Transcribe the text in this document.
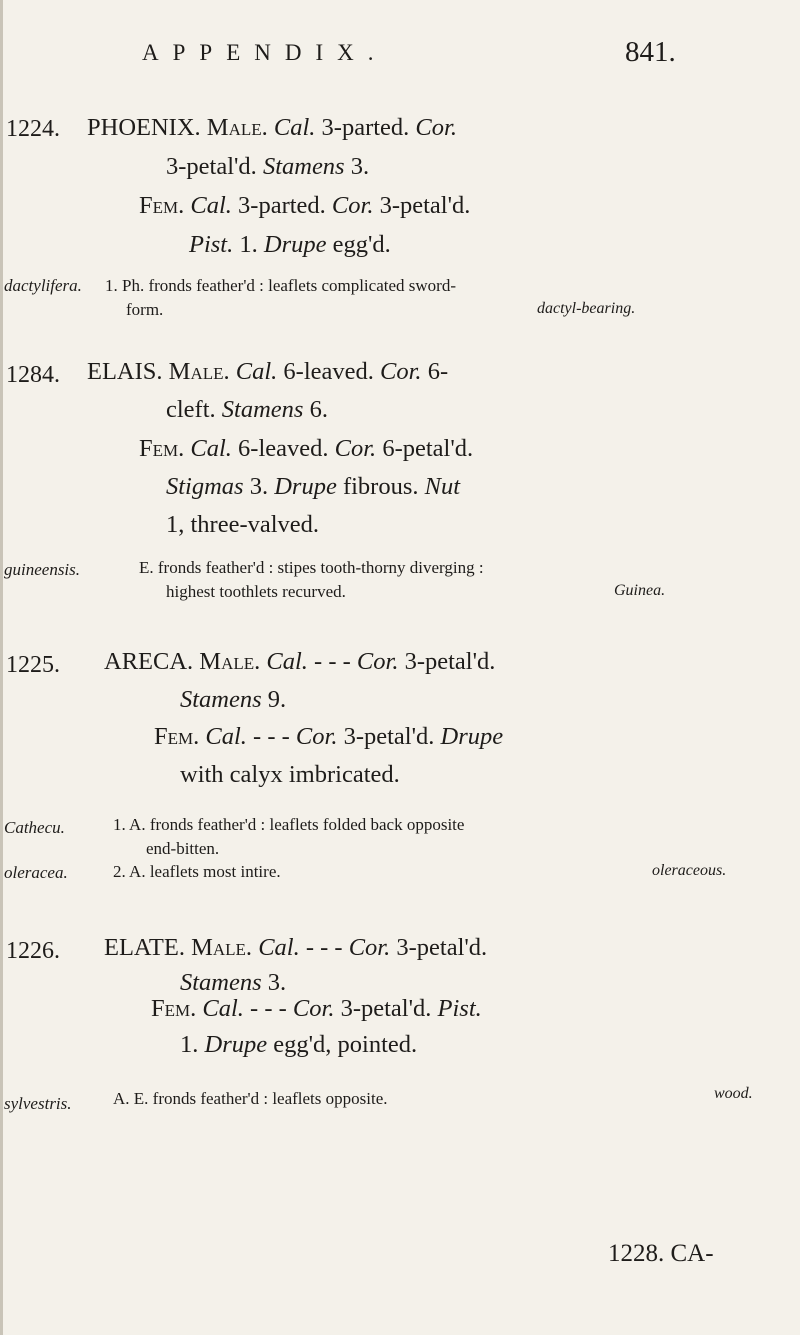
APPENDIX.	841.
1224. PHOENIX. Male. Cal. 3-parted. Cor.
3-petal'd. Stamens 3.
Fem. Cal. 3-parted. Cor. 3-petal'd.
Pist. 1. Drupe egg'd.
dactylifera. 1. Ph. fronds feather'd : leaflets complicated sword-
form.	dactyl-bearing.
1284. ELAIS. Male. Cal. 6-leaved. Cor. 6-
cleft. Stamens 6.
Fem. Cal. 6-leaved. Cor. 6-petal'd.
Stigmas 3. Drupe fibrous. Nut
1, three-valved.
guineensis.	E. fronds feather'd : stipes tooth-thorny diverging :
highest toothlets recurved.	Guinea.
1225. ARECA. Male. Cal. - - - Cor. 3-petal'd.
Stamens 9.
Fem. Cal. - - - Cor. 3-petal'd. Drupe
with calyx imbricated.
Cathecu.	1. A. fronds feather'd : leaflets folded back opposite
end-bitten.
oleracea.	2. A. leaflets most intire.	oleraceous.
1226. ELATE. Male. Cal. - - - Cor. 3-petal'd.
Stamens 3.
Fem. Cal. - - - Cor. 3-petal'd. Pist.
1. Drupe egg'd, pointed.
sylvestris. A. E. fronds feather'd : leaflets opposite.	wood.
1228. CA-
